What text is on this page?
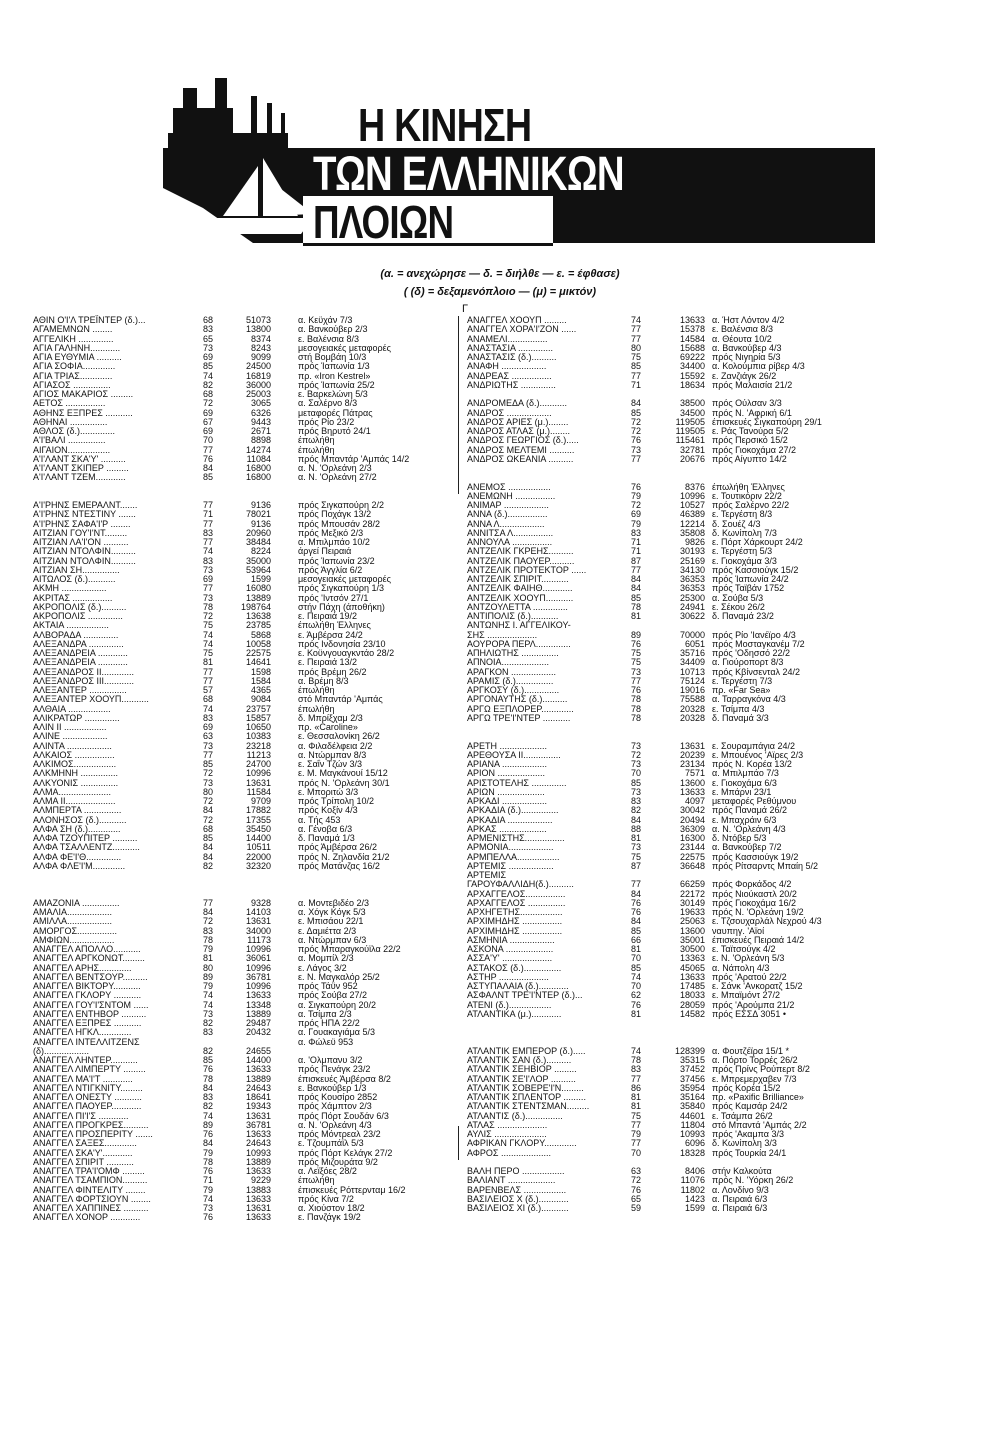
Η ΚΙΝΗΣΗ
ΤΩΝ ΕΛΛΗΝΙΚΩΝ
ΠΛΟΙΩΝ
(α. = ανεχώρησε — δ. = διήλθε — ε. = έφθασε)
( (δ) = δεξαμενόπλοιο — (μ) = μικτόν)
Γ
ΑΘΙΝ Ο'Ι'Λ ΤΡΕΪΝΤΕΡ (δ.)...	68	51073	α. Κεϋχάν 7/3
ΑΓΑΜΕΜΝΩΝ ........	83	13800	α. Βανκούβερ 2/3
ΑΓΓΕΛΙΚΗ ..............	65	8374	ε. Βαλένσια 8/3
ΑΓΙΑ ΓΑΛΗΝΗ............	73	8243	μεσογειακές μεταφορές
ΑΓΙΑ ΕΥΘΥΜΙΑ ..........	69	9099	στή Βομβάη 10/3
ΑΓΙΑ ΣΟΦΙΑ.............	85	24500	πρός Ίαπωνία 1/3
ΑΓΙΑ ΤΡΙΑΣ.............	74	16819	πρ. «Iron Kestrel»
ΑΓΙΑΣΟΣ ...............	82	36000	πρός Ίαπωνία 25/2
ΑΓΙΟΣ ΜΑΚΑΡΙΟΣ .........	68	25003	ε. Βαρκελώνη 5/3
ΑΕΤΟΣ ................	72	3065	α. Σαλέρνο 8/3
ΑΘΗΝΣ ΕΞΠΡΕΣ ...........	69	6326	μεταφορές Πάτρας
ΑΘΗΝΑΙ ...............	67	9443	πρός Ρίο 23/2
ΑΘΛΟΣ (δ.)..............	69	2671	πρός Βηρυτό 24/1
Α'Ι'ΒΑΛΙ ...............	70	8898	έπωλήθη
ΑΙΓΑΙΟΝ.................	77	14274	έπωλήθη
Α'Ι'ΛΑΝΤ ΣΚΑ'Υ' ..........	76	11084	πρός Μπαντάρ 'Αμπάς 14/2
Α'Ι'ΛΑΝΤ ΣΚΙΠΕΡ .........	84	16800	α. Ν. 'Ορλεάνη 2/3
Α'Ι'ΛΑΝΤ ΤΖΕΜ............	85	16800	α. Ν. 'Ορλεάνη 27/2
Α'Ι'ΡΗΝΣ ΕΜΕΡΑΛΝΤ.......	77	9136	πρός Σιγκαπούρη 2/2
Α'Ι'ΡΗΝΣ ΝΤΕΣΤΙΝΥ .......	71	78021	πρός Ποχάγκ 13/2
Α'Ι'ΡΗΝΣ ΣΑΦΑ'Ι'Ρ ........	77	9136	πρός Μπουσάν 28/2
ΑΙΤΖΙΑΝ ΓΟΥ'Ι'ΝΤ.........	83	20960	πρός Μεξικό 2/3
ΑΙΤΖΙΑΝ ΛΑ'Ι'ΟΝ ..........	77	38484	α. Μπιλμπάο 10/2
ΑΙΤΖΙΑΝ ΝΤΟΛΦΙΝ..........	74	8224	άργεί Πειραιά
ΑΙΤΖΙΑΝ ΝΤΟΛΦΙΝ..........	83	35000	πρός Ίαπωνία 23/2
ΑΙΤΖΙΑΝ ΣΗ...............	73	53964	πρός Άγγλία 6/2
ΑΙΤΩΛΟΣ (δ.)...........	69	1599	μεσογειακές μεταφορές
ΑΚΜΗ ..................	77	16080	πρός Σιγκαπούρη 1/3
ΑΚΡΙΤΑΣ ................	73	13889	πρός 'Ιντσόν 27/1
ΑΚΡΟΠΟΛΙΣ (δ.)..........	78	198764	στήν Πάχη (άποθήκη)
ΑΚΡΟΠΟΛΙΣ ..............	72	13638	ε. Πειραιά 19/2
ΑΚΤΑΙΑ .................	75	23785	έπωλήθη Έλληνες
ΑΛΒΟΡΑΔΑ ..............	74	5868	ε. Άμβέρσα 24/2
ΑΛΕΞΑΝΔΡΑ ..............	74	10058	πρός Ινδονησία 23/10
ΑΛΕΞΑΝΔΡΕΙΑ ............	75	22575	ε. Κοϋνγουαγκντάο 28/2
ΑΛΕΞΑΝΔΡΕΙΑ ............	81	14641	ε. Πειραιά 13/2
ΑΛΕΞΑΝΔΡΟΣ II.............	77	1598	πρός Βρέμη 26/2
ΑΛΕΞΑΝΔΡΟΣ III............	77	1584	α. Βρέμη 8/3
ΑΛΕΞΑΝΤΕΡ ...............	57	4365	έπωλήθη
ΑΛΕΞΑΝΤΕΡ ΧΟΟΥΠ...........	68	9084	στό Μπαντάρ 'Αμπάς
ΑΛΘΑΙΑ .................	74	23757	έπωλήθη
ΑΛΙΚΡΑΤΩΡ ..............	83	15857	δ. Μπρίξχαμ 2/3
ΑΛΙΝ II .................	69	10650	πρ. «Caroline»
ΑΛΙΝΕ ..................	63	10383	ε. Θεσσαλονίκη 26/2
ΑΛΙΝΤΑ ..................	73	23218	α. Φιλαδέλφεια 2/2
ΑΛΚΑΙΟΣ ................	77	11213	α. Ντώρμπαν 8/3
ΑΛΚΙΜΟΣ.................	85	24700	ε. Σαΐν Τζών 3/3
ΑΛΚΜΗΝΗ ...............	72	10996	ε. Μ. Μαγκάνουί 15/12
ΑΛΚΥΟΝΙΣ ...............	73	13631	πρός Ν. 'Ορλεάνη 30/1
ΑΛΜΑ.....................	80	11584	ε. Μποριτώ 3/3
ΑΛΜΑ II....................	72	9709	πρός Τρίπολη 10/2
ΑΛΜΠΕΡΤΑ ...............	84	17882	πρός Κοξίν 4/3
ΑΛΟΝΗΣΟΣ (δ.)...........	72	17355	α. Τής 453
ΑΛΦΑ ΣΗ (δ.).............	68	35450	α. Γένοβα 6/3
ΑΛΦΑ ΤΖΟΥΠΙΤΕΡ ..........	85	14400	δ. Παναμά 1/3
ΑΛΦΑ ΤΣΑΛΛΕΝΤΖ...........	84	10511	πρός Άμβέρσα 26/2
ΑΛΦΑ ΦΕ'Ι'Θ..............	84	22000	πρός Ν. Ζηλανδία 21/2
ΑΛΦΑ ΦΛΕ'Ι'Μ.............	82	32320	πρός Ματάνζας 16/2
ΑΜΑΖΟΝΙΑ ...............	77	9328	α. Μοντεβιδέο 2/3
ΑΜΑΛΙΑ..................	84	14103	α. Χόγκ Κόγκ 5/3
ΑΜΙΛΛΑ..................	72	13631	ε. Μπισάου 22/1
ΑΜΟΡΓΟΣ................	83	34000	ε. Δαμιέττα 2/3
ΑΜΦΙΩΝ..................	78	11173	α. Ντώρμπαν 6/3
ΑΝΑΓΓΕΛ ΑΠΟΛΛΟ...........	79	10996	πρός Μπαραγκούϊλα 22/2
ΑΝΑΓΓΕΛ ΑΡΓΚΟΝΩΤ.........	81	36061	α. Μομπίλ 2/3
ΑΝΑΓΓΕΛ ΑΡΗΣ.............	80	10996	ε. Λάγος 3/2
ΑΝΑΓΓΕΛ ΒΕΝΤΣΟΥΡ..........	89	36781	ε. Ν. Μαγκαλόρ 25/2
ΑΝΑΓΓΕΛ ΒΙΚΤΟΡΥ...........	79	10996	πρός Τάϋν 952
ΑΝΑΓΓΕΛ ΓΚΛΟΡΥ ...........	74	13633	πρός Σούβα 27/2
ΑΝΑΓΓΕΛ ΓΟΥ'Ι'ΣΝΤΟΜ ......	74	13348	α. Σιγκαπούρη 20/2
ΑΝΑΓΓΕΛ ΕΝΤΗΒΟΡ ..........	73	13889	α. Τσίμπα 2/3
ΑΝΑΓΓΕΛ ΕΞΠΡΕΣ ...........	82	29487	πρός ΗΠΑ 22/2
ΑΝΑΓΓΕΛ ΗΓΚΛ.............	83	20432	α. Γουακαγιάμα 5/3
ΑΝΑΓΓΕΛ ΙΝΤΕΛΛΙΤΖΕΝΣ	α. Φώλεϋ 953
(δ)..................	82	24655
ΑΝΑΓΓΕΛ ΛΗΝΤΕΡ...........	85	14400	α. 'Ολμπανυ 3/2
ΑΝΑΓΓΕΛ ΛΙΜΠΕΡΤΥ .........	76	13633	πρός Πενάγκ 23/2
ΑΝΑΓΓΕΛ ΜΑ'Ι'Τ ............	78	13889	έπισκευές Άμβέρσα 8/2
ΑΝΑΓΓΕΛ ΝΤΙΓΚΝΙΤΥ.........	84	24643	ε. Βανκούβερ 1/3
ΑΝΑΓΓΕΛ ΟΝΕΣΤΥ ...........	83	18641	πρός Κουσίρο 2852
ΑΝΑΓΓΕΛ ΠΑΟΥΕΡ............	82	19343	πρός Χάμπτον 2/3
ΑΝΑΓΓΕΛ ΠΙ'Ι'Σ ............	74	13631	πρός Πόρτ Σουδάν 6/3
ΑΝΑΓΓΕΛ ΠΡΟΓΚΡΕΣ..........	89	36781	α. Ν. 'Ορλεάνη 4/3
ΑΝΑΓΓΕΛ ΠΡΟΣΠΕΡΙΤΥ .......	76	13633	πρός Μόντρεαλ 23/2
ΑΝΑΓΓΕΛ ΣΑΞΕΣ.............	84	24643	ε. Τζουμπάϊλ 5/3
ΑΝΑΓΓΕΛ ΣΚΑ'Υ'............	79	10993	πρός Πόρτ Κελάγκ 27/2
ΑΝΑΓΓΕΛ ΣΠΙΡΙΤ ...........	78	13889	πρός Μιζουράτα 9/2
ΑΝΑΓΓΕΛ ΤΡΑ'Ι'ΟΜΦ .........	76	13633	α. Λεϊξόες 28/2
ΑΝΑΓΓΕΛ ΤΣΑΜΠΙΟΝ..........	71	9229	έπωλήθη
ΑΝΑΓΓΕΛ ΦΙΝΤΕΛΙΤΥ ........	79	13883	έπισκευές Ρόττερνταμ 16/2
ΑΝΑΓΓΕΛ ΦΟΡΤΣΙΟΥΝ ........	74	13633	πρός Κίνα 7/2
ΑΝΑΓΓΕΛ ΧΑΠΠΙΝΕΣ ..........	73	13631	α. Χιούστον 18/2
ΑΝΑΓΓΕΛ ΧΟΝΟΡ ............	76	13633	ε. Πανζάγκ 19/2
ΑΝΑΓΓΕΛ ΧΟΟΥΠ .........	74	13633 α. Ήστ Λόντον 4/2
ΑΝΑΓΓΕΛ ΧΟΡΑ'Ι'ΖΟΝ ......	77	15378 ε. Βαλένσια 8/3
ΑΝΑΜΕΛΙ................	77	14584 α. Θέουτα 10/2
ΑΝΑΣΤΑΣΙΑ ..............	80	15688 α. Βανκούβερ 4/3
ΑΝΑΣΤΑΣΙΣ (δ.)..........	75	69222 πρός Νιγηρία 5/3
ΑΝΑΦΗ ..................	85	34400 α. Κολούμπια ρίβερ 4/3
ΑΝΔΡΕΑΣ ................	77	15592 ε. Ζανζιάγκ 26/2
ΑΝΔΡΙΩΤΗΣ ..............	71	18634 πρός Μαλαισία 21/2
ΑΝΔΡΟΜΕΔΑ (δ.)...........	84	38500 πρός Ούλσαν 3/3
ΑΝΔΡΟΣ ..................	85	34500 πρός Ν. 'Αφρική 6/1
ΑΝΔΡΟΣ ΑΡΙΕΣ (μ.)........	72	119505 έπισκευές Σιγκαπούρη 29/1
ΑΝΔΡΟΣ ΑΤΛΑΣ (μ.)........	72	119505 ε. Ράς Τανούρα 5/2
ΑΝΔΡΟΣ ΓΕΩΡΓΙΟΣ (δ.).....	76	115461 πρός Περσικό 15/2
ΑΝΔΡΟΣ ΜΕΛΤΕΜΙ ..........	73	32781 πρός Γιοκοχάμα 27/2
ΑΝΔΡΟΣ ΩΚΕΑΝΙΑ ..........	77	20676 πρός Αίγυπτο 14/2
ΑΝΕΜΟΣ .................	76	8376 έπωλήθη Έλληνες
ΑΝΕΜΩΝΗ ................	79	10996 ε. Τουτικόριν 22/2
ΑΝΙΜΑΡ ..................	72	10527 πρός Σαλέρνο 22/2
ΑΝΝΑ (δ.)................	69	46389 ε. Τεργέστη 8/3
ΑΝΝΑ Λ..................	79	12214 δ. Σουέζ 4/3
ΑΝΝΙΤΣΑ Λ................	83	35808 δ. Κωνίπολη 7/3
ΑΝΝΟΥΛΑ ................	71	9826 ε. Πόρτ Χάρκουρτ 24/2
ΑΝΤΖΕΛΙΚ ΓΚΡΕΗΣ..........	71	30193 ε. Τεργέστη 5/3
ΑΝΤΖΕΛΙΚ ΠΑΟΥΕΡ..........	87	25169 ε. Γιοκοχάμα 3/3
ΑΝΤΖΕΛΙΚ ΠΡΟΤΕΚΤΟΡ ......	77	34130 πρός Κασσιούγκ 15/2
ΑΝΤΖΕΛΙΚ ΣΠΙΡΙΤ...........	84	36353 πρός Ίαπωνία 24/2
ΑΝΤΖΕΛΙΚ ΦΑΙΗΘ............	84	36353 πρός Ταϊβάν 1752
ΑΝΤΖΕΛΙΚ ΧΟΟΥΠ...........	85	25300 α. Σούβα 5/3
ΑΝΤΖΟΥΛΕΤΤΑ ..............	78	24941 ε. Σέκου 26/2
ΑΝΤΙΠΟΛΙΣ (δ.)...........	81	30622 δ. Παναμά 23/2
ΑΝΤΩΝΗΣ Ι. ΑΓΓΕΛΙΚΟΥ-
ΣΗΣ ....................	89	70000 πρός Ρίο 'Ιανέϊρο 4/3
ΑΟΥΡΟΡΑ ΠΕΡΛ..............	76	6051 πρός Μοσταγκανέμ 7/2
ΑΠΗΛΙΩΤΗΣ ...............	75	35716 πρός 'Οδησσό 22/2
ΑΠΝΟΙΑ...................	75	34409 α. Γιούροπορτ 8/3
ΑΡΑΓΚΟΝ ..................	73	10713 πρός Κβίνσενταλ 24/2
ΑΡΑΜΙΣ (δ.)...............	77	75124 ε. Τεργέστη 7/3
ΑΡΓΚΟΣΥ (δ.)..............	76	19016 πρ. «Far Sea»
ΑΡΓΟΝΑΥΤΗΣ (δ.)..........	78	75588 α. Ταρραγκόνα 4/3
ΑΡΓΩ ΕΞΠΛΟΡΕΡ.............	78	20328 ε. Τσίμπα 4/3
ΑΡΓΩ ΤΡΕ'Ι'ΝΤΕΡ ...........	78	20328 δ. Παναμά 3/3
ΑΡΕΤΗ ...................	73	13631 ε. Σουραμπάγια 24/2
ΑΡΕΘΟΥΣΑ II...............	72	20239 ε. Μπουένος 'Αϊρες 2/3
ΑΡΙΑΝΑ ..................	73	23134 πρός Ν. Κορέα 13/2
ΑΡΙΟΝ ...................	70	7571 α. Μπιλμπάο 7/3
ΑΡΙΣΤΟΤΕΛΗΣ ..............	85	13600 ε. Γιοκοχάμα 6/3
ΑΡΙΩΝ ...................	73	13633 ε. Μπάρνι 23/1
ΑΡΚΑΔΙ ..................	83	4097 μεταφορές Ρεθύμνου
ΑΡΚΑΔΙΑ (δ.)...............	82	30042 πρός Παναμά 26/2
ΑΡΚΑΔΙΑ ..................	84	20494 ε. Μπαχράιν 6/3
ΑΡΚΑΣ ...................	88	36309 α. Ν. 'Ορλεάνη 4/3
ΑΡΜΕΝΙΣΤΗΣ................	81	16300 δ. Ντόβερ 5/3
ΑΡΜΟΝΙΑ..................	73	23144 α. Βανκούβερ 7/2
ΑΡΜΠΕΛΛΑ.................	75	22575 πρός Κασσιούγκ 19/2
ΑΡΤΕΜΙΣ ..................	87	36648 πρός Ρίτσαρντς Μπαίη 5/2
ΑΡΤΕΜΙΣ
ΓΑΡΟΥΦΑΛΛΙΔΗ(δ.)..........	77	66259 πρός Φορκάδος 4/2
ΑΡΧΑΓΓΕΛΟΣ................	84	22172 πρός Νιούκαστλ 20/2
ΑΡΧΑΓΓΕΛΟΣ ...............	76	30149 πρός Γιοκοχάμα 16/2
ΑΡΧΗΓΕΤΗΣ.................	76	19633 πρός Ν. 'Ορλεάνη 19/2
ΑΡΧΙΜΗΔΗΣ ................	84	25063 ε. Τζσουχαρλάλ Νεχρού 4/3
ΑΡΧΙΜΗΔΗΣ ................	85	13600 ναυπηγ. 'Αϊοί
ΑΣΜΗΝΙΑ ..................	66	35001 έπισκευές Πειραιά 14/2
ΑΣΚΟΝΑ ...................	81	30500 ε. Ταϊτσούγκ 4/2
ΑΣΣΑ'Υ' ....................	70	13363 ε. Ν. 'Ορλεάνη 5/3
ΑΣΤΑΚΟΣ (δ.)...............	85	45065 α. Νάπολη 4/3
ΑΣΤΗΡ ....................	74	13633 πρός 'Αρατού 22/2
ΑΣΤΥΠΑΛΑΙΑ (δ.)............	70	17485 ε. Σάνκ 'Ανκορατζ 15/2
ΑΣΦΑΛΝΤ ΤΡΕ'Ι'ΝΤΕΡ (δ.)...	62	18033 ε. Μπαϊμόντ 27/2
ΑΤΕΝΙ (δ.).................	76	28059 πρός 'Αρούμπα 21/2
ΑΤΛΑΝΤΙΚΑ (μ.)............	81	14582 πρός ΕΣΣΔ 3051 •
ΑΤΛΑΝΤΙΚ ΕΜΠΕΡΟΡ (δ.).....	74	128399 α. Φουτζέϊρα 15/1 *
ΑΤΛΑΝΤΙΚ ΣΑΝ (δ.)..........	78	35315 α. Πόρτο Τορρές 26/2
ΑΤΛΑΝΤΙΚ ΣΕΗΒΙΟΡ .........	83	37452 πρός Πρίνς Ρούπερτ 8/2
ΑΤΛΑΝΤΙΚ ΣΕ'Ι'ΛΟΡ ..........	77	37456 ε. Μπρεμερχαβεν 7/3
ΑΤΛΑΝΤΙΚ ΣΟΒΕΡΕ'Ι'Ν.........	86	35954 πρός Κορέα 15/2
ΑΤΛΑΝΤΙΚ ΣΠΛΕΝΤΟΡ .........	81	35164 πρ. «Paxific Brilliance»
ΑΤΛΑΝΤΙΚ ΣΤΕΝΤΣΜΑΝ.........	81	35840 πρός Καμσάρ 24/2
ΑΤΛΑΝΤΙΣ (δ.)...............	75	44601 ε. Τσάμπα 26/2
ΑΤΛΑΣ ....................	77	11804 στό Μπαντά 'Αμπάς 2/2
ΑΥΛΙΣ .....................	79	10993 πρός 'Ακαμπα 3/3
ΑΦΡΙΚΑΝ ΓΚΛΟΡΥ.............	77	6096 δ. Κωνίπολη 3/3
ΑΦΡΟΣ ....................	70	18328 πρός Τουρκία 24/1
ΒΑΛΗ ΠΕΡΟ .................	63	8406 στήν Καλκούτα
ΒΑΛΙΑΝΤ ...................	72	11076 πρός Ν. 'Υόρκη 26/2
ΒΑΡΕΝΒΕΛΣ .................	76	11802 α. Λονδίνο 9/3
ΒΑΣΙΛΕΙΟΣ Χ (δ.)............	65	1423 α. Πειραιά 6/3
ΒΑΣΙΛΕΙΟΣ ΧΙ (δ.)...........	59	1599 α. Πειραιά 6/3
